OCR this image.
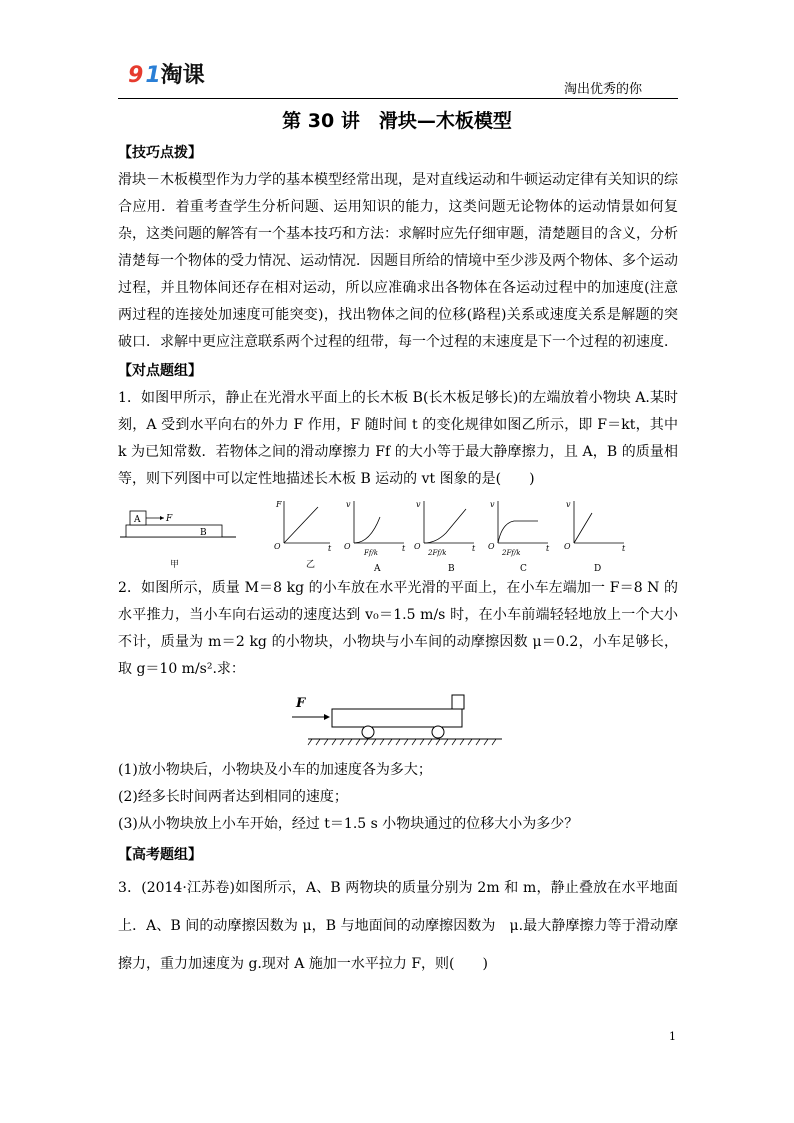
91淘课
淘出优秀的你
第 30 讲　滑块—木板模型

【技巧点拨】

滑块－木板模型作为力学的基本模型经常出现，是对直线运动和牛顿运动定律有关知识的综合应用．着重考查学生分析问题、运用知识的能力，这类问题无论物体的运动情景如何复杂，这类问题的解答有一个基本技巧和方法：求解时应先仔细审题，清楚题目的含义，分析清楚每一个物体的受力情况、运动情况．因题目所给的情境中至少涉及两个物体、多个运动过程，并且物体间还存在相对运动，所以应准确求出各物体在各运动过程中的加速度(注意两过程的连接处加速度可能突变)，找出物体之间的位移(路程)关系或速度关系是解题的突破口．求解中更应注意联系两个过程的纽带，每一个过程的末速度是下一个过程的初速度．

【对点题组】

1．如图甲所示，静止在光滑水平面上的长木板 B(长木板足够长)的左端放着小物块 A.某时刻，A 受到水平向右的外力 F 作用，F 随时间 t 的变化规律如图乙所示，即 F＝kt，其中 k 为已知常数．若物体之间的滑动摩擦力 Ff 的大小等于最大静摩擦力，且 A，B 的质量相等，则下列图中可以定性地描述长木板 B 运动的 vt 图象的是(　　)

A	F
B
甲
F
O	t
乙
v
O	t
Ff/k
A
v
O	t
2Ff/k
B
v
O	t
2Ff/k
C
v
O	t
D

2．如图所示，质量 M＝8 kg 的小车放在水平光滑的平面上，在小车左端加一 F＝8 N 的水平推力，当小车向右运动的速度达到 v₀＝1.5 m/s 时，在小车前端轻轻地放上一个大小不计，质量为 m＝2 kg 的小物块，小物块与小车间的动摩擦因数 μ＝0.2，小车足够长，取 g＝10 m/s².求：

F

(1)放小物块后，小物块及小车的加速度各为多大；

(2)经多长时间两者达到相同的速度；

(3)从小物块放上小车开始，经过 t＝1.5 s 小物块通过的位移大小为多少？

【高考题组】

3．(2014·江苏卷)如图所示，A、B 两物块的质量分别为 2m 和 m，静止叠放在水平地面上．A、B 间的动摩擦因数为 μ，B 与地面间的动摩擦因数为　μ.最大静摩擦力等于滑动摩擦力，重力加速度为 g.现对 A 施加一水平拉力 F，则(　　)

1
